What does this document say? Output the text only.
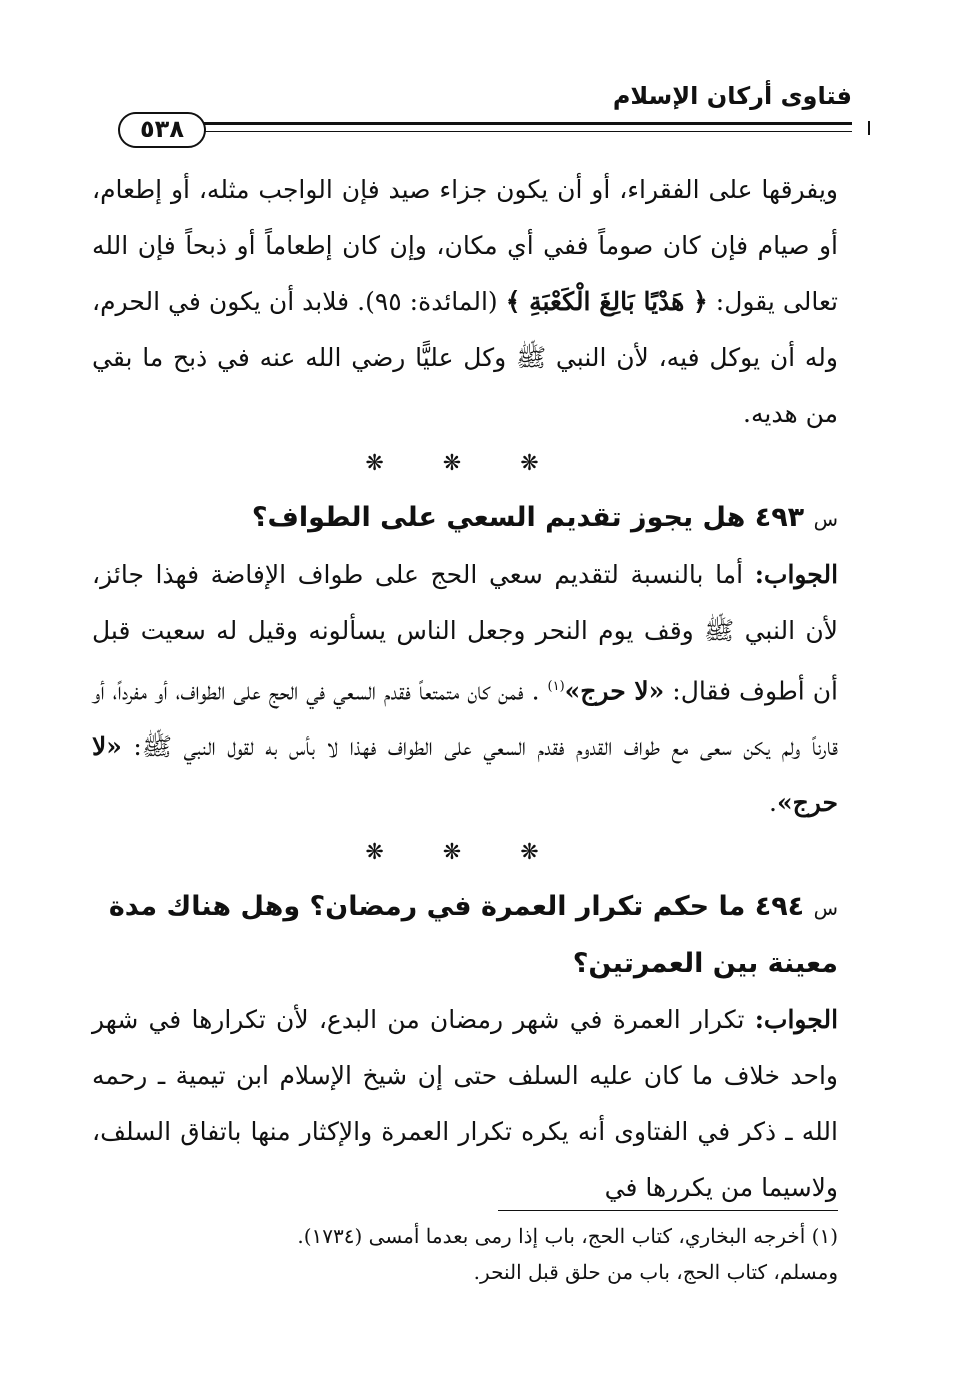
فتاوى أركان الإسلام
٥٣٨

ويفرقها على الفقراء، أو أن يكون جزاء صيد فإن الواجب مثله، أو إطعام، أو صيام فإن كان صوماً ففي أي مكان، وإن كان إطعاماً أو ذبحاً فإن الله تعالى يقول: ﴿ هَدْيًا بَالِغَ الْكَعْبَةِ ﴾ (المائدة: ٩٥). فلابد أن يكون في الحرم، وله أن يوكل فيه، لأن النبي ﷺ وكل عليًّا رضي الله عنه في ذبح ما بقي من هديه.

❋ ❋ ❋

س ٤٩٣ هل يجوز تقديم السعي على الطواف؟

الجواب: أما بالنسبة لتقديم سعي الحج على طواف الإفاضة فهذا جائز، لأن النبي ﷺ وقف يوم النحر وجعل الناس يسألونه وقيل له سعيت قبل أن أطوف فقال: «لا حرج»$^{(١)}$ . فمن كان متمتعاً فقدم السعي في الحج على الطواف، أو مفرداً، أو قارناً ولم يكن سعى مع طواف القدوم فقدم السعي على الطواف فهذا لا بأس به لقول النبي ﷺ: «لا حرج».

❋ ❋ ❋

س ٤٩٤ ما حكم تكرار العمرة في رمضان؟ وهل هناك مدة معينة بين العمرتين؟

الجواب: تكرار العمرة في شهر رمضان من البدع، لأن تكرارها في شهر واحد خلاف ما كان عليه السلف حتى إن شيخ الإسلام ابن تيمية ـ رحمه الله ـ ذكر في الفتاوى أنه يكره تكرار العمرة والإكثار منها باتفاق السلف، ولاسيما من يكررها في

(١) أخرجه البخاري، كتاب الحج، باب إذا رمى بعدما أمسى (١٧٣٤).

ومسلم، كتاب الحج، باب من حلق قبل النحر.
